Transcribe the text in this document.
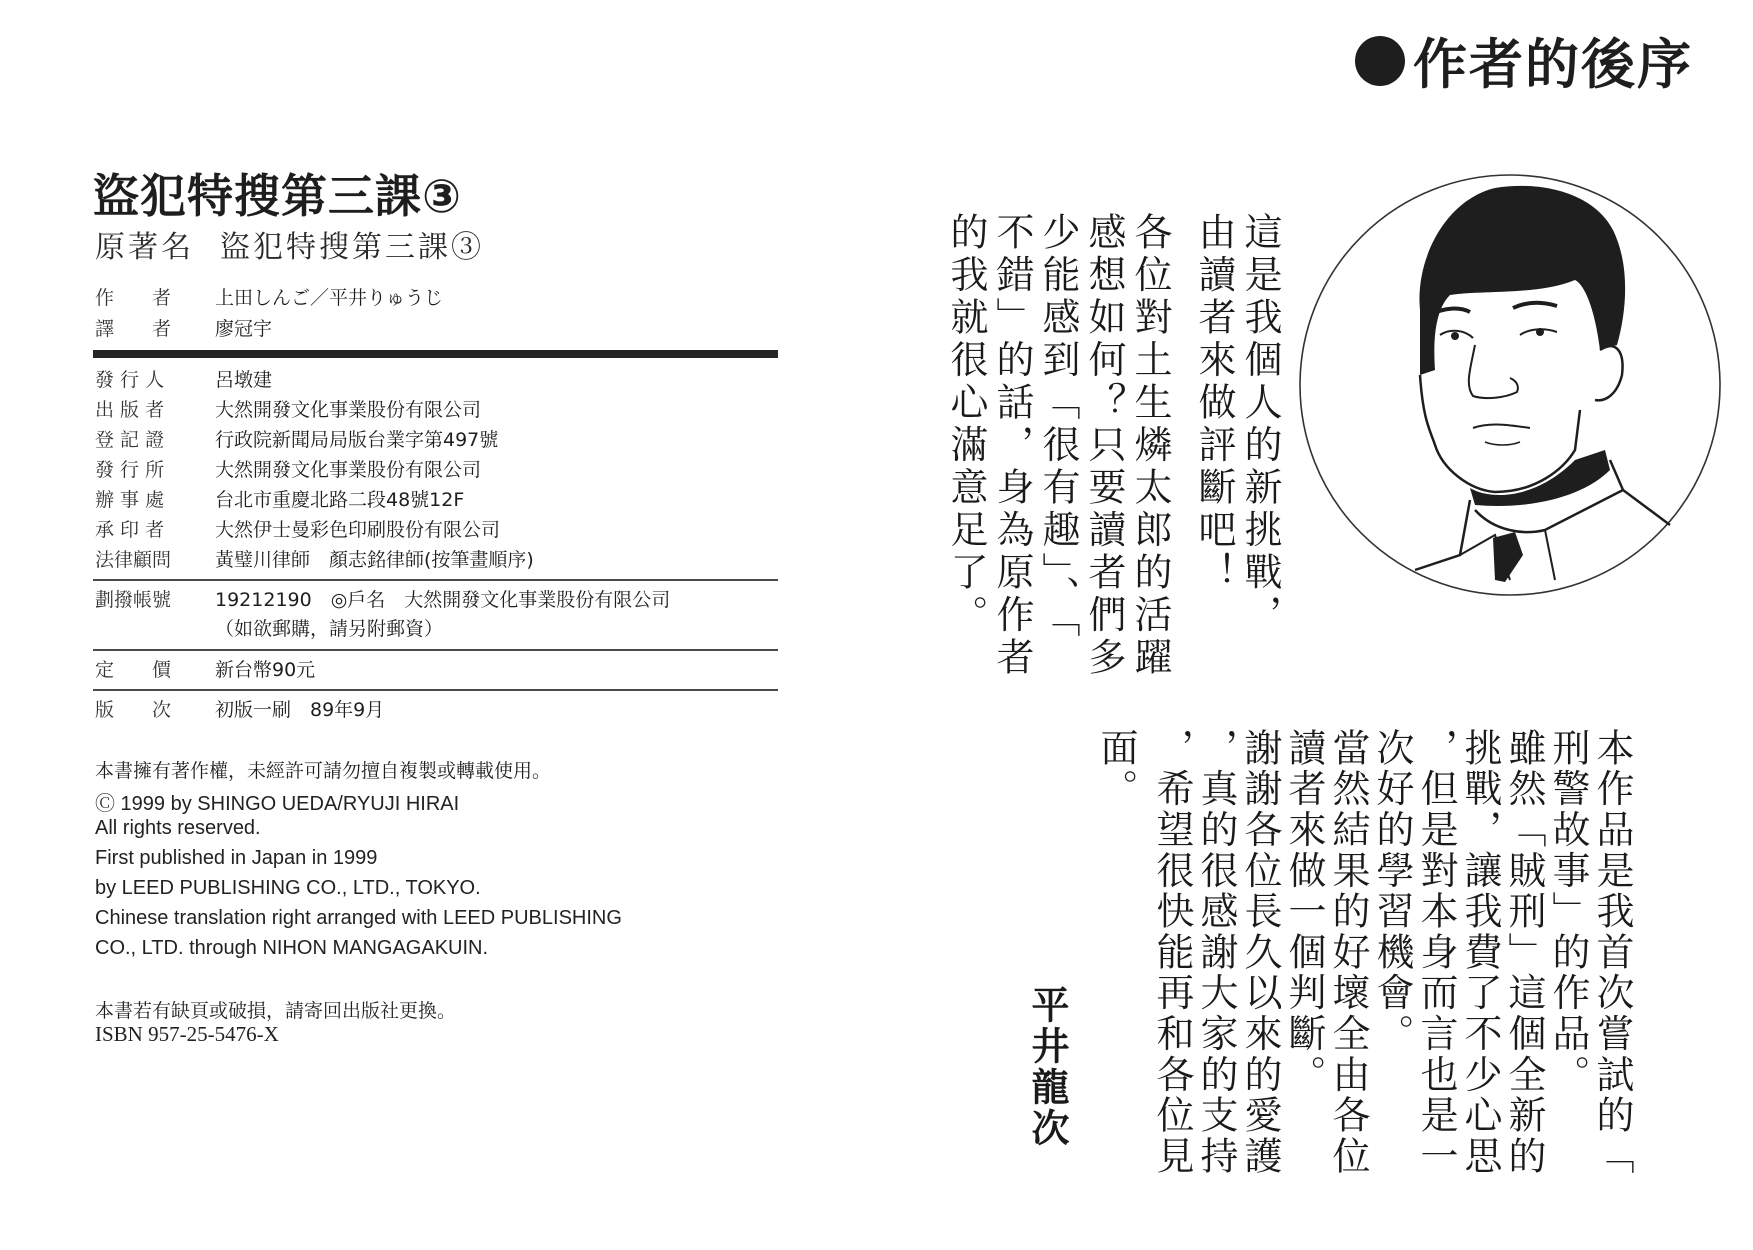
盜犯特搜第三課③
原著名 盜犯特搜第三課③
作　　者 上田しんご／平井りゅうじ
譯　　者 廖冠宇
發 行 人	呂墩建
出 版 者	大然開發文化事業股份有限公司
登 記 證	行政院新聞局局版台業字第497號
發 行 所	大然開發文化事業股份有限公司
辦 事 處	台北市重慶北路二段48號12F
承 印 者	大然伊士曼彩色印刷股份有限公司
法律顧問 黃璧川律師　顏志銘律師(按筆畫順序)
劃撥帳號 19212190　◎戶名　大然開發文化事業股份有限公司
（如欲郵購，請另附郵資）
定　　價 新台幣90元
版　　次 初版一刷　89年9月
本書擁有著作權，未經許可請勿擅自複製或轉載使用。
Ⓒ 1999 by SHINGO UEDA/RYUJI HIRAI
All rights reserved.
First published in Japan in 1999
by LEED PUBLISHING CO., LTD., TOKYO.
Chinese translation right arranged with LEED PUBLISHING
CO., LTD. through NIHON MANGAGAKUIN.
本書若有缺頁或破損，請寄回出版社更換。
ISBN 957-25-5476-X
作者的後序
這是我個人的新挑戰，
由讀者來做評斷吧！
各位對土生燐太郎的活躍
感想如何？只要讀者們多
少能感到「很有趣」、「
不錯」的話，身為原作者
的我就很心滿意足了。
本作品是我首次嘗試的「
刑警故事」的作品。
雖然「賊刑」這個全新的
挑戰，讓我費了不少心思
，但是對本身而言也是一
次好的學習機會。
當然結果的好壞全由各位
讀者來做一個判斷。
謝謝各位長久以來的愛護
，真的很感謝大家的支持
，希望很快能再和各位見
面。
平井龍次
